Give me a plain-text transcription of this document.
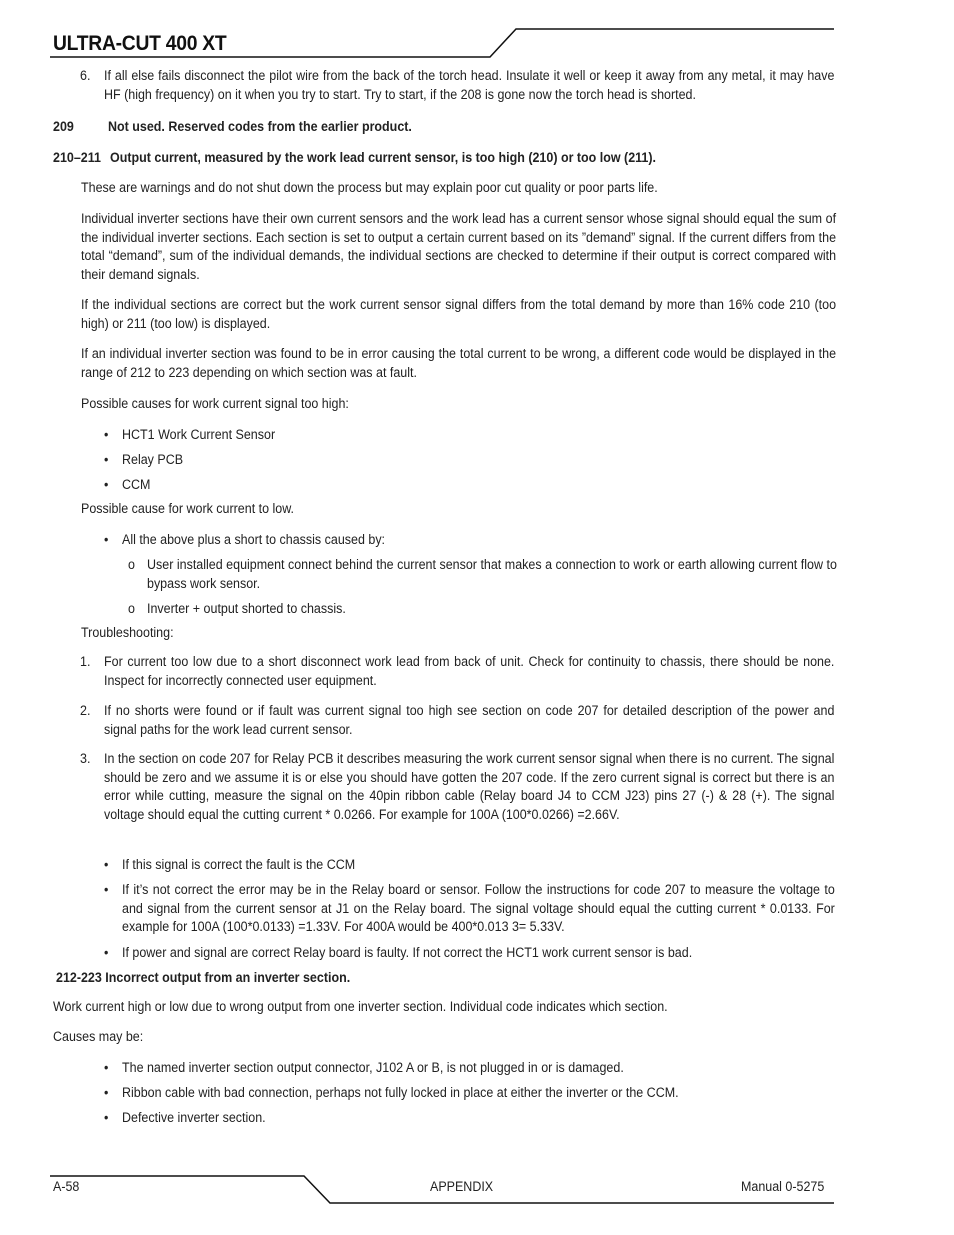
ULTRA-CUT 400 XT
6. If all else fails disconnect the pilot wire from the back of the torch head. Insulate it well or keep it away from any metal, it may have HF (high frequency) on it when you try to start. Try to start, if the 208 is gone now the torch head is shorted.
209 Not used. Reserved codes from the earlier product.
210–211 Output current, measured by the work lead current sensor, is too high (210) or too low (211).
These are warnings and do not shut down the process but may explain poor cut quality or poor parts life.
Individual inverter sections have their own current sensors and the work lead has a current sensor whose signal should equal the sum of the individual inverter sections. Each section is set to output a certain current based on its ”demand” signal. If the current differs from the total “demand”, sum of the individual demands, the individual sections are checked to determine if their output is correct compared with their demand signals.
If the individual sections are correct but the work current sensor signal differs from the total demand by more than 16% code 210 (too high) or 211 (too low) is displayed.
If an individual inverter section was found to be in error causing the total current to be wrong, a different code would be displayed in the range of 212 to 223 depending on which section was at fault.
Possible causes for work current signal too high:
• HCT1 Work Current Sensor
• Relay PCB
• CCM
Possible cause for work current to low.
• All the above plus a short to chassis caused by:
o User installed equipment connect behind the current sensor that makes a connection to work or earth allowing current flow to bypass work sensor.
o Inverter + output shorted to chassis.
Troubleshooting:
1. For current too low due to a short disconnect work lead from back of unit. Check for continuity to chassis, there should be none. Inspect for incorrectly connected user equipment.
2. If no shorts were found or if fault was current signal too high see section on code 207 for detailed description of the power and signal paths for the work lead current sensor.
3. In the section on code 207 for Relay PCB it describes measuring the work current sensor signal when there is no current. The signal should be zero and we assume it is or else you should have gotten the 207 code. If the zero current signal is correct but there is an error while cutting, measure the signal on the 40pin ribbon cable (Relay board J4 to CCM J23) pins 27 (-) & 28 (+). The signal voltage should equal the cutting current * 0.0266. For example for 100A (100*0.0266) =2.66V.
• If this signal is correct the fault is the CCM
• If it’s not correct the error may be in the Relay board or sensor. Follow the instructions for code 207 to measure the voltage to and signal from the current sensor at J1 on the Relay board. The signal voltage should equal the cutting current * 0.0133. For example for 100A (100*0.0133) =1.33V. For 400A would be 400*0.013 3= 5.33V.
• If power and signal are correct Relay board is faulty. If not correct the HCT1 work current sensor is bad.
212-223 Incorrect output from an inverter section.
Work current high or low due to wrong output from one inverter section. Individual code indicates which section.
Causes may be:
• The named inverter section output connector, J102 A or B, is not plugged in or is damaged.
• Ribbon cable with bad connection, perhaps not fully locked in place at either the inverter or the CCM.
• Defective inverter section.
A-58	APPENDIX	Manual 0-5275
